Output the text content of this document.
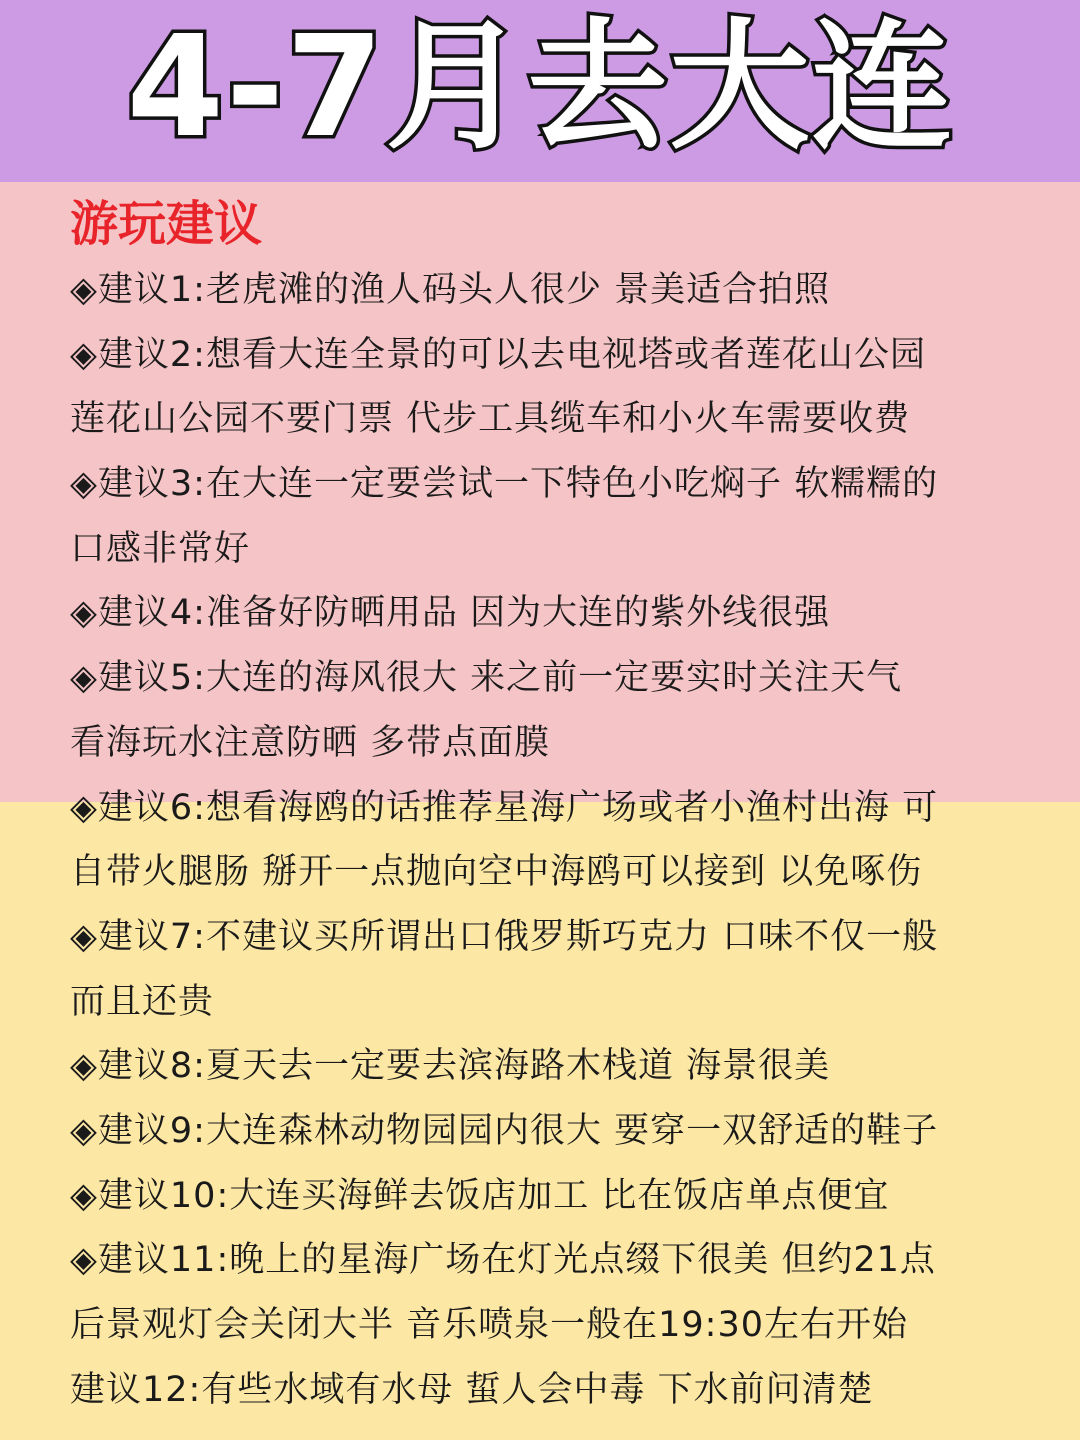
4-7月去大连
游玩建议
◈建议1:老虎滩的渔人码头人很少 景美适合拍照
◈建议2:想看大连全景的可以去电视塔或者莲花山公园
莲花山公园不要门票 代步工具缆车和小火车需要收费
◈建议3:在大连一定要尝试一下特色小吃焖子 软糯糯的
口感非常好
◈建议4:准备好防晒用品 因为大连的紫外线很强
◈建议5:大连的海风很大 来之前一定要实时关注天气
看海玩水注意防晒 多带点面膜
◈建议6:想看海鸥的话推荐星海广场或者小渔村出海 可
自带火腿肠 掰开一点抛向空中海鸥可以接到 以免啄伤
◈建议7:不建议买所谓出口俄罗斯巧克力 口味不仅一般
而且还贵
◈建议8:夏天去一定要去滨海路木栈道 海景很美
◈建议9:大连森林动物园园内很大 要穿一双舒适的鞋子
◈建议10:大连买海鲜去饭店加工 比在饭店单点便宜
◈建议11:晚上的星海广场在灯光点缀下很美 但约21点
后景观灯会关闭大半 音乐喷泉一般在19:30左右开始
建议12:有些水域有水母 蜇人会中毒 下水前问清楚
